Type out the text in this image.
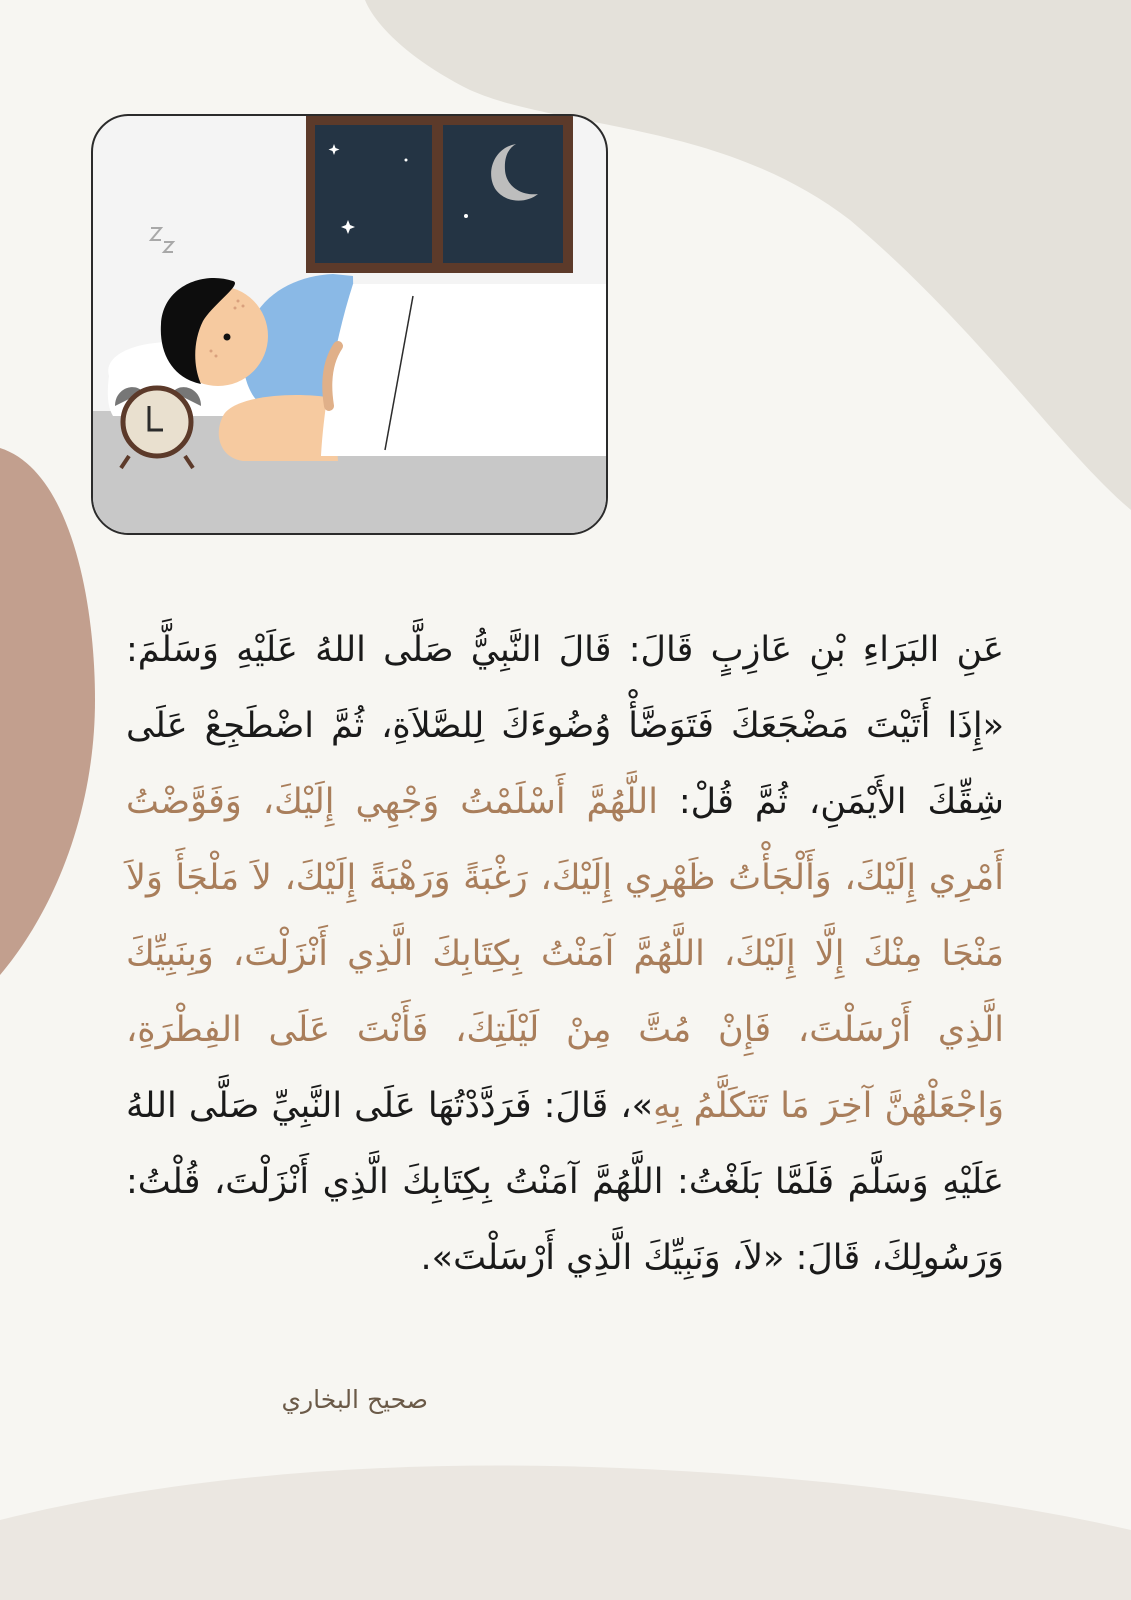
عَنِ البَرَاءِ بْنِ عَازِبٍ قَالَ: قَالَ النَّبِيُّ صَلَّى اللهُ عَلَيْهِ وَسَلَّمَ: «إِذَا أَتَيْتَ مَضْجَعَكَ فَتَوَضَّأْ وُضُوءَكَ لِلصَّلاَةِ، ثُمَّ اضْطَجِعْ عَلَى شِقِّكَ الأَيْمَنِ، ثُمَّ قُلْ: اللَّهُمَّ أَسْلَمْتُ وَجْهِي إِلَيْكَ، وَفَوَّضْتُ أَمْرِي إِلَيْكَ، وَأَلْجَأْتُ ظَهْرِي إِلَيْكَ، رَغْبَةً وَرَهْبَةً إِلَيْكَ، لاَ مَلْجَأَ وَلاَ مَنْجَا مِنْكَ إِلَّا إِلَيْكَ، اللَّهُمَّ آمَنْتُ بِكِتَابِكَ الَّذِي أَنْزَلْتَ، وَبِنَبِيِّكَ الَّذِي أَرْسَلْتَ، فَإِنْ مُتَّ مِنْ لَيْلَتِكَ، فَأَنْتَ عَلَى الفِطْرَةِ، وَاجْعَلْهُنَّ آخِرَ مَا تَتَكَلَّمُ بِهِ»، قَالَ: فَرَدَّدْتُهَا عَلَى النَّبِيِّ صَلَّى اللهُ عَلَيْهِ وَسَلَّمَ فَلَمَّا بَلَغْتُ: اللَّهُمَّ آمَنْتُ بِكِتَابِكَ الَّذِي أَنْزَلْتَ، قُلْتُ: وَرَسُولِكَ، قَالَ: «لاَ، وَنَبِيِّكَ الَّذِي أَرْسَلْتَ».

صحيح البخاري
